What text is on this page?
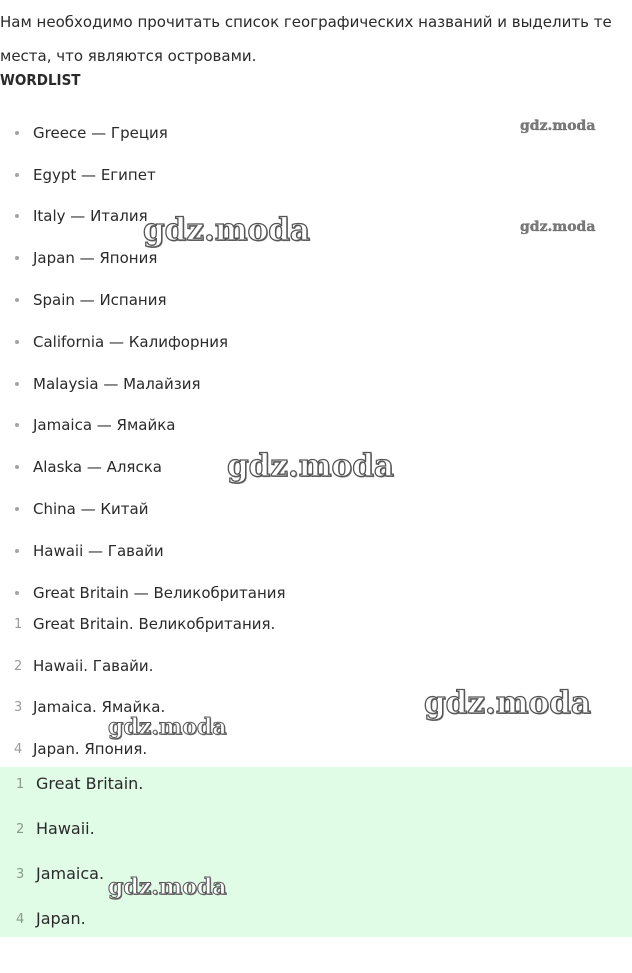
Нам необходимо прочитать список географических названий и выделить те места, что являются островами.

WORDLIST
Greece — Греция
Egypt — Египет
Italy — Италия
Japan — Япония
Spain — Испания
California — Калифорния
Malaysia — Малайзия
Jamaica — Ямайка
Alaska — Аляска
China — Китай
Hawaii — Гавайи
Great Britain — Великобритания
1 Great Britain. Великобритания.
2 Hawaii. Гавайи.
3 Jamaica. Ямайка.
4 Japan. Япония.
1 Great Britain.
2 Hawaii.
3 Jamaica.
4 Japan.
gdz.moda
gdz.moda
gdz.moda
gdz.moda
gdz.moda
gdz.moda
gdz.moda
